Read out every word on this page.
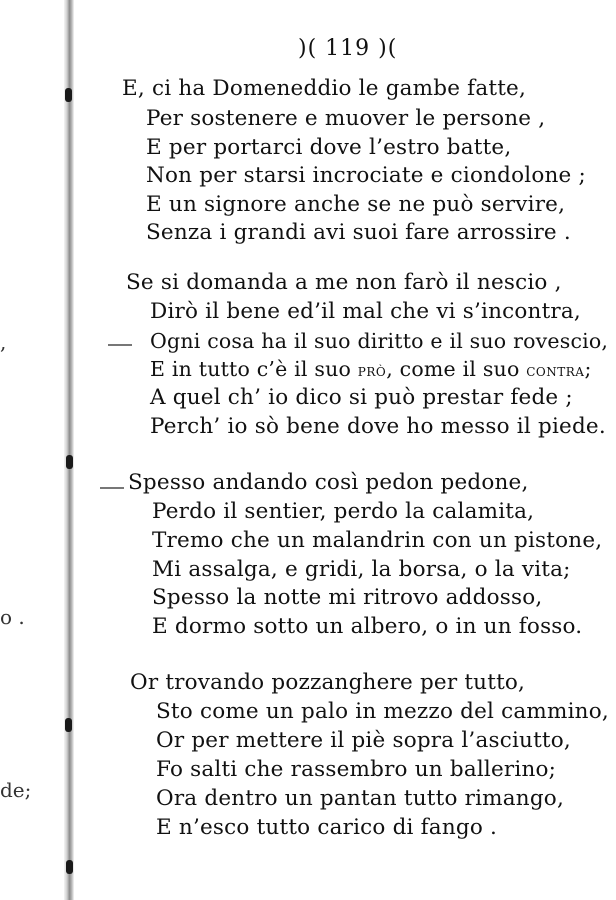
,
o .
de;
)( 119 )(
E, ci ha Domeneddio le gambe fatte,
Per sostenere e muover le persone ,
E per portarci dove l’estro batte,
Non per starsi incrociate e ciondolone ;
E un signore anche se ne può servire,
Senza i grandi avi suoi fare arrossire .
Se si domanda a me non farò il nescio ,
Dirò il bene ed’il mal che vi s’incontra,
Ogni cosa ha il suo diritto e il suo rovescio,
E in tutto c’è il suo prò, come il suo contra;
A quel ch’ io dico si può prestar fede ;
Perch’ io sò bene dove ho messo il piede.
Spesso andando così pedon pedone,
Perdo il sentier, perdo la calamita,
Tremo che un malandrin con un pistone,
Mi assalga, e gridi, la borsa, o la vita;
Spesso la notte mi ritrovo addosso,
E dormo sotto un albero, o in un fosso.
Or trovando pozzanghere per tutto,
Sto come un palo in mezzo del cammino,
Or per mettere il piè sopra l’asciutto,
Fo salti che rassembro un ballerino;
Ora dentro un pantan tutto rimango,
E n’esco tutto carico di fango .
